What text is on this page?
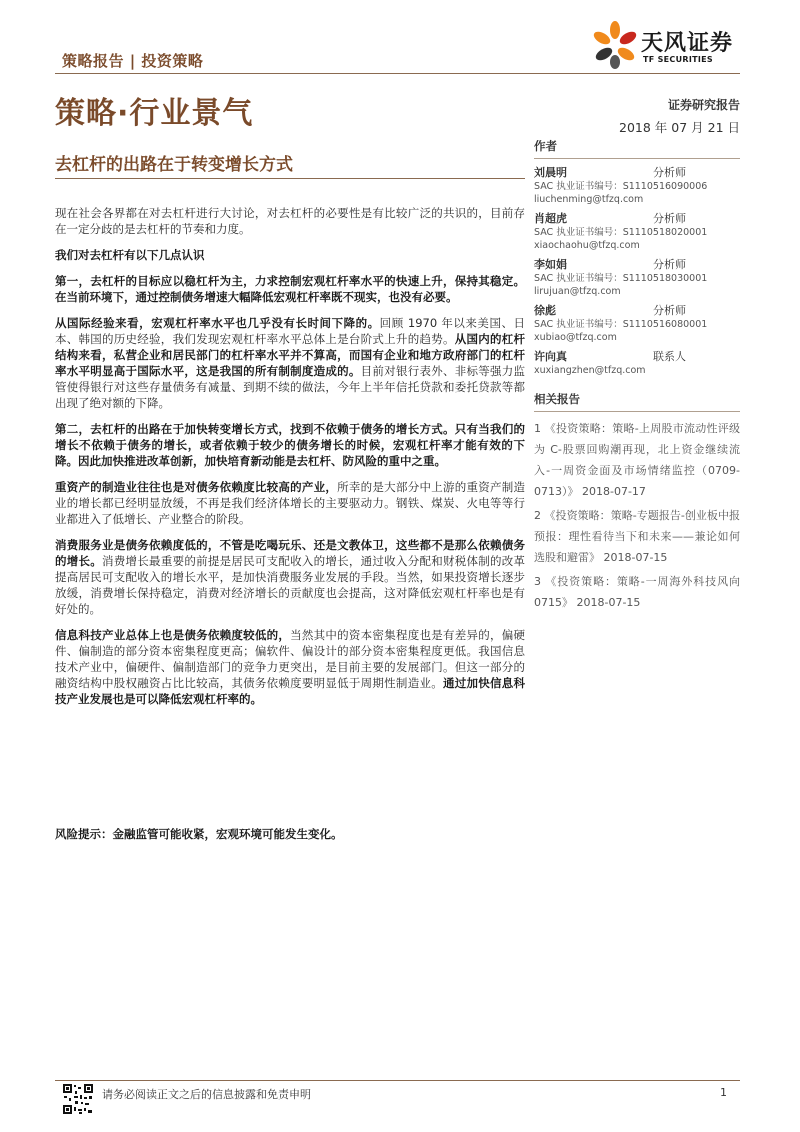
策略报告 | 投资策略
天风证券
TF SECURITIES
策略·行业景气	证券研究报告
2018 年 07 月 21 日
去杠杆的出路在于转变增长方式

现在社会各界都在对去杠杆进行大讨论，对去杠杆的必要性是有比较广泛的共识的，目前存在一定分歧的是去杠杆的节奏和力度。

我们对去杠杆有以下几点认识

第一，去杠杆的目标应以稳杠杆为主，力求控制宏观杠杆率水平的快速上升，保持其稳定。在当前环境下，通过控制债务增速大幅降低宏观杠杆率既不现实，也没有必要。

从国际经验来看，宏观杠杆率水平也几乎没有长时间下降的。回顾 1970 年以来美国、日本、韩国的历史经验，我们发现宏观杠杆率水平总体上是台阶式上升的趋势。从国内的杠杆结构来看，私营企业和居民部门的杠杆率水平并不算高，而国有企业和地方政府部门的杠杆率水平明显高于国际水平，这是我国的所有制制度造成的。目前对银行表外、非标等强力监管使得银行对这些存量债务有减量、到期不续的做法，今年上半年信托贷款和委托贷款等都出现了绝对额的下降。

第二，去杠杆的出路在于加快转变增长方式，找到不依赖于债务的增长方式。只有当我们的增长不依赖于债务的增长，或者依赖于较少的债务增长的时候，宏观杠杆率才能有效的下降。因此加快推进改革创新，加快培育新动能是去杠杆、防风险的重中之重。

重资产的制造业往往也是对债务依赖度比较高的产业，所幸的是大部分中上游的重资产制造业的增长都已经明显放缓，不再是我们经济体增长的主要驱动力。钢铁、煤炭、火电等等行业都进入了低增长、产业整合的阶段。

消费服务业是债务依赖度低的，不管是吃喝玩乐、还是文教体卫，这些都不是那么依赖债务的增长。消费增长最重要的前提是居民可支配收入的增长，通过收入分配和财税体制的改革提高居民可支配收入的增长水平，是加快消费服务业发展的手段。当然，如果投资增长逐步放缓，消费增长保持稳定，消费对经济增长的贡献度也会提高，这对降低宏观杠杆率也是有好处的。

信息科技产业总体上也是债务依赖度较低的，当然其中的资本密集程度也是有差异的，偏硬件、偏制造的部分资本密集程度更高；偏软件、偏设计的部分资本密集程度更低。我国信息技术产业中，偏硬件、偏制造部门的竞争力更突出，是目前主要的发展部门。但这一部分的融资结构中股权融资占比比较高，其债务依赖度要明显低于周期性制造业。通过加快信息科技产业发展也是可以降低宏观杠杆率的。

风险提示：金融监管可能收紧，宏观环境可能发生变化。
作者
刘晨明	分析师
SAC 执业证书编号：S1110516090006
liuchenming@tfzq.com
肖超虎	分析师
SAC 执业证书编号：S1110518020001
xiaochaohu@tfzq.com
李如娟	分析师
SAC 执业证书编号：S1110518030001
lirujuan@tfzq.com
徐彪	分析师
SAC 执业证书编号：S1110516080001
xubiao@tfzq.com
许向真	联系人
xuxiangzhen@tfzq.com
相关报告
1 《投资策略：策略-上周股市流动性评级为 C-股票回购潮再现，北上资金继续流入-一周资金面及市场情绪监控（0709-0713）》 2018-07-17
2 《投资策略：策略-专题报告-创业板中报预报：理性看待当下和未来——兼论如何选股和避雷》 2018-07-15
3 《投资策略：策略-一周海外科技风向 0715》 2018-07-15
请务必阅读正文之后的信息披露和免责申明	1
